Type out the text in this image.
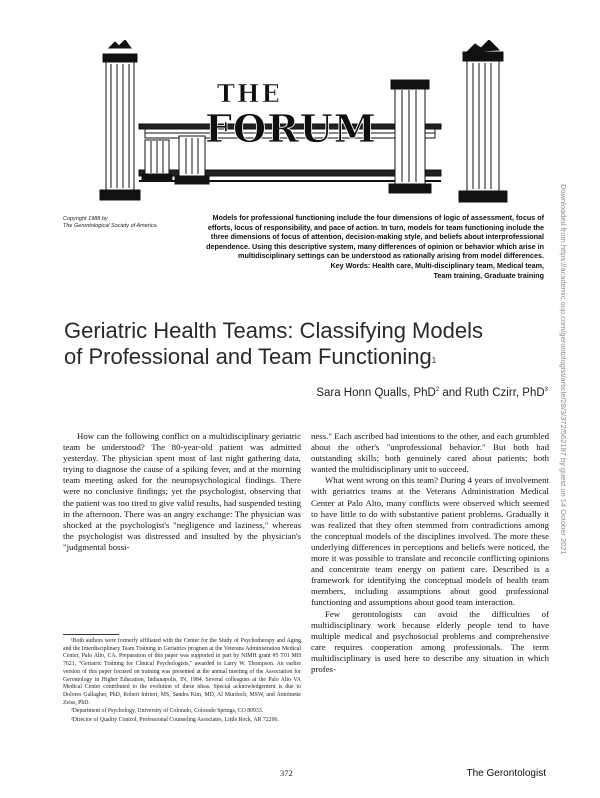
THE
FORUM
Copyright 1988 by
The Gerontological Society of America

Models for professional functioning include the four dimensions of logic of assessment, focus of efforts, locus of responsibility, and pace of action. In turn, models for team functioning include the three dimensions of focus of attention, decision-making style, and beliefs about interprofessional dependence. Using this descriptive system, many differences of opinion or behavior which arise in multidisciplinary settings can be understood as rationally arising from model differences.

Key Words: Health care, Multi-disciplinary team, Medical team,
Team training, Graduate training
Geriatric Health Teams: Classifying Models
of Professional and Team Functioning$^1$
Sara Honn Qualls, PhD$^2$ and Ruth Czirr, PhD$^3$

How can the following conflict on a multidisciplinary geriatric team be understood? The 80-year-old patient was admitted yesterday. The physician spent most of last night gathering data, trying to diagnose the cause of a spiking fever, and at the morning team meeting asked for the neuropsychological findings. There were no conclusive findings; yet the psychologist, observing that the patient was too tired to give valid results, had suspended testing in the afternoon. There was an angry exchange: The physician was shocked at the psychologist's "negligence and laziness," whereas the psychologist was distressed and insulted by the physician's "judgmental bossi-

ness." Each ascribed bad intentions to the other, and each grumbled about the other's "unprofessional behavior." But both had outstanding skills; both genuinely cared about patients; both wanted the multidisciplinary unit to succeed.

What went wrong on this team? During 4 years of involvement with geriatrics teams at the Veterans Administration Medical Center at Palo Alto, many conflicts were observed which seemed to have little to do with substantive patient problems. Gradually it was realized that they often stemmed from contradictions among the conceptual models of the disciplines involved. The more these underlying differences in perceptions and beliefs were noticed, the more it was possible to translate and reconcile conflicting opinions and concentrate team energy on patient care. Described is a framework for identifying the conceptual models of health team members, including assumptions about good professional functioning and assumptions about good team interaction.

Few gerontologists can avoid the difficulties of multidisciplinary work because elderly people tend to have multiple medical and psychosocial problems and comprehensive care requires cooperation among professionals. The term multidisciplinary is used here to describe any situation in which profes-

¹Both authors were formerly affiliated with the Center for the Study of Psychotherapy and Aging and the Interdisciplinary Team Training in Geriatrics program at the Veterans Administration Medical Center, Palo Alto, CA. Preparation of this paper was supported in part by NIMH grant #5 T01 MH 7621, "Geriatric Training for Clinical Psychologists," awarded to Larry W. Thompson. An earlier version of this paper focused on training was presented at the annual meeting of the Association for Gerontology in Higher Education, Indianapolis, IN, 1984. Several colleagues at the Palo Alto VA Medical Center contributed to the evolution of these ideas. Special acknowledgement is due to Dolores Gallagher, PhD, Robert Intrieri, MS, Sandra Kim, MD, Al Murdoch, MSW, and Antoinette Zeiss, PhD.

²Department of Psychology, University of Colorado, Colorado Springs, CO 80933.

³Director of Quality Control, Professional Counseling Associates, Little Rock, AR 72206.

372	The Gerontologist
Downloaded from https://academic.oup.com/gerontologist/article/28/3/372/562187 by guest on 14 October 2021
